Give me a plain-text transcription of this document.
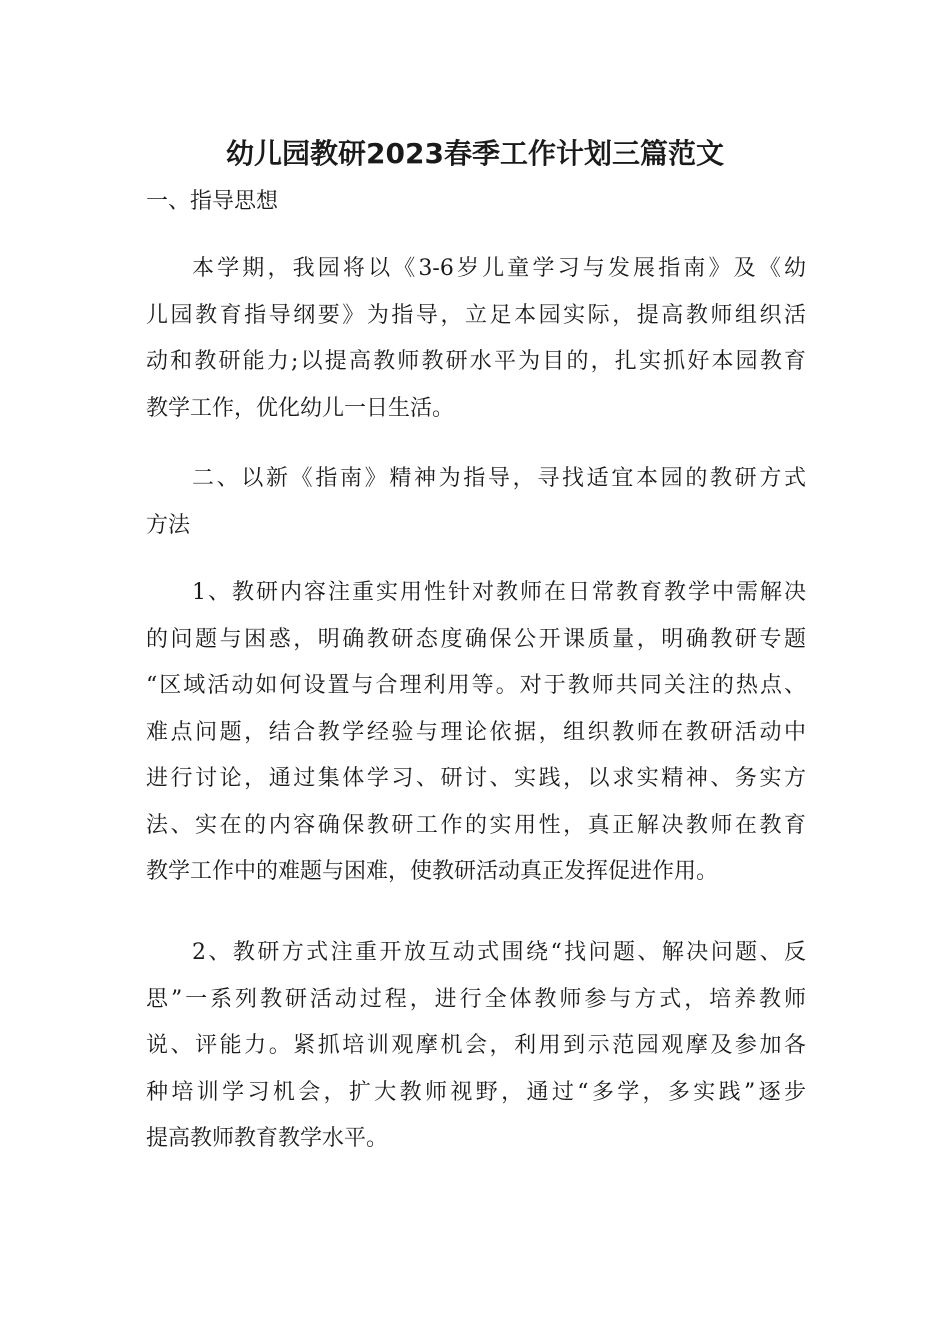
幼儿园教研2023春季工作计划三篇范文

一、指导思想

本学期，我园将以《3-6岁儿童学习与发展指南》及《幼
儿园教育指导纲要》为指导，立足本园实际，提高教师组织活
动和教研能力;以提高教师教研水平为目的，扎实抓好本园教育
教学工作，优化幼儿一日生活。

二、以新《指南》精神为指导，寻找适宜本园的教研方式
方法

1、教研内容注重实用性针对教师在日常教育教学中需解决
的问题与困惑，明确教研态度确保公开课质量，明确教研专题
“区域活动如何设置与合理利用等。对于教师共同关注的热点、
难点问题，结合教学经验与理论依据，组织教师在教研活动中
进行讨论，通过集体学习、研讨、实践，以求实精神、务实方
法、实在的内容确保教研工作的实用性，真正解决教师在教育
教学工作中的难题与困难，使教研活动真正发挥促进作用。

2、教研方式注重开放互动式围绕“找问题、解决问题、反
思”一系列教研活动过程，进行全体教师参与方式，培养教师
说、评能力。紧抓培训观摩机会，利用到示范园观摩及参加各
种培训学习机会，扩大教师视野，通过“多学，多实践”逐步
提高教师教育教学水平。
